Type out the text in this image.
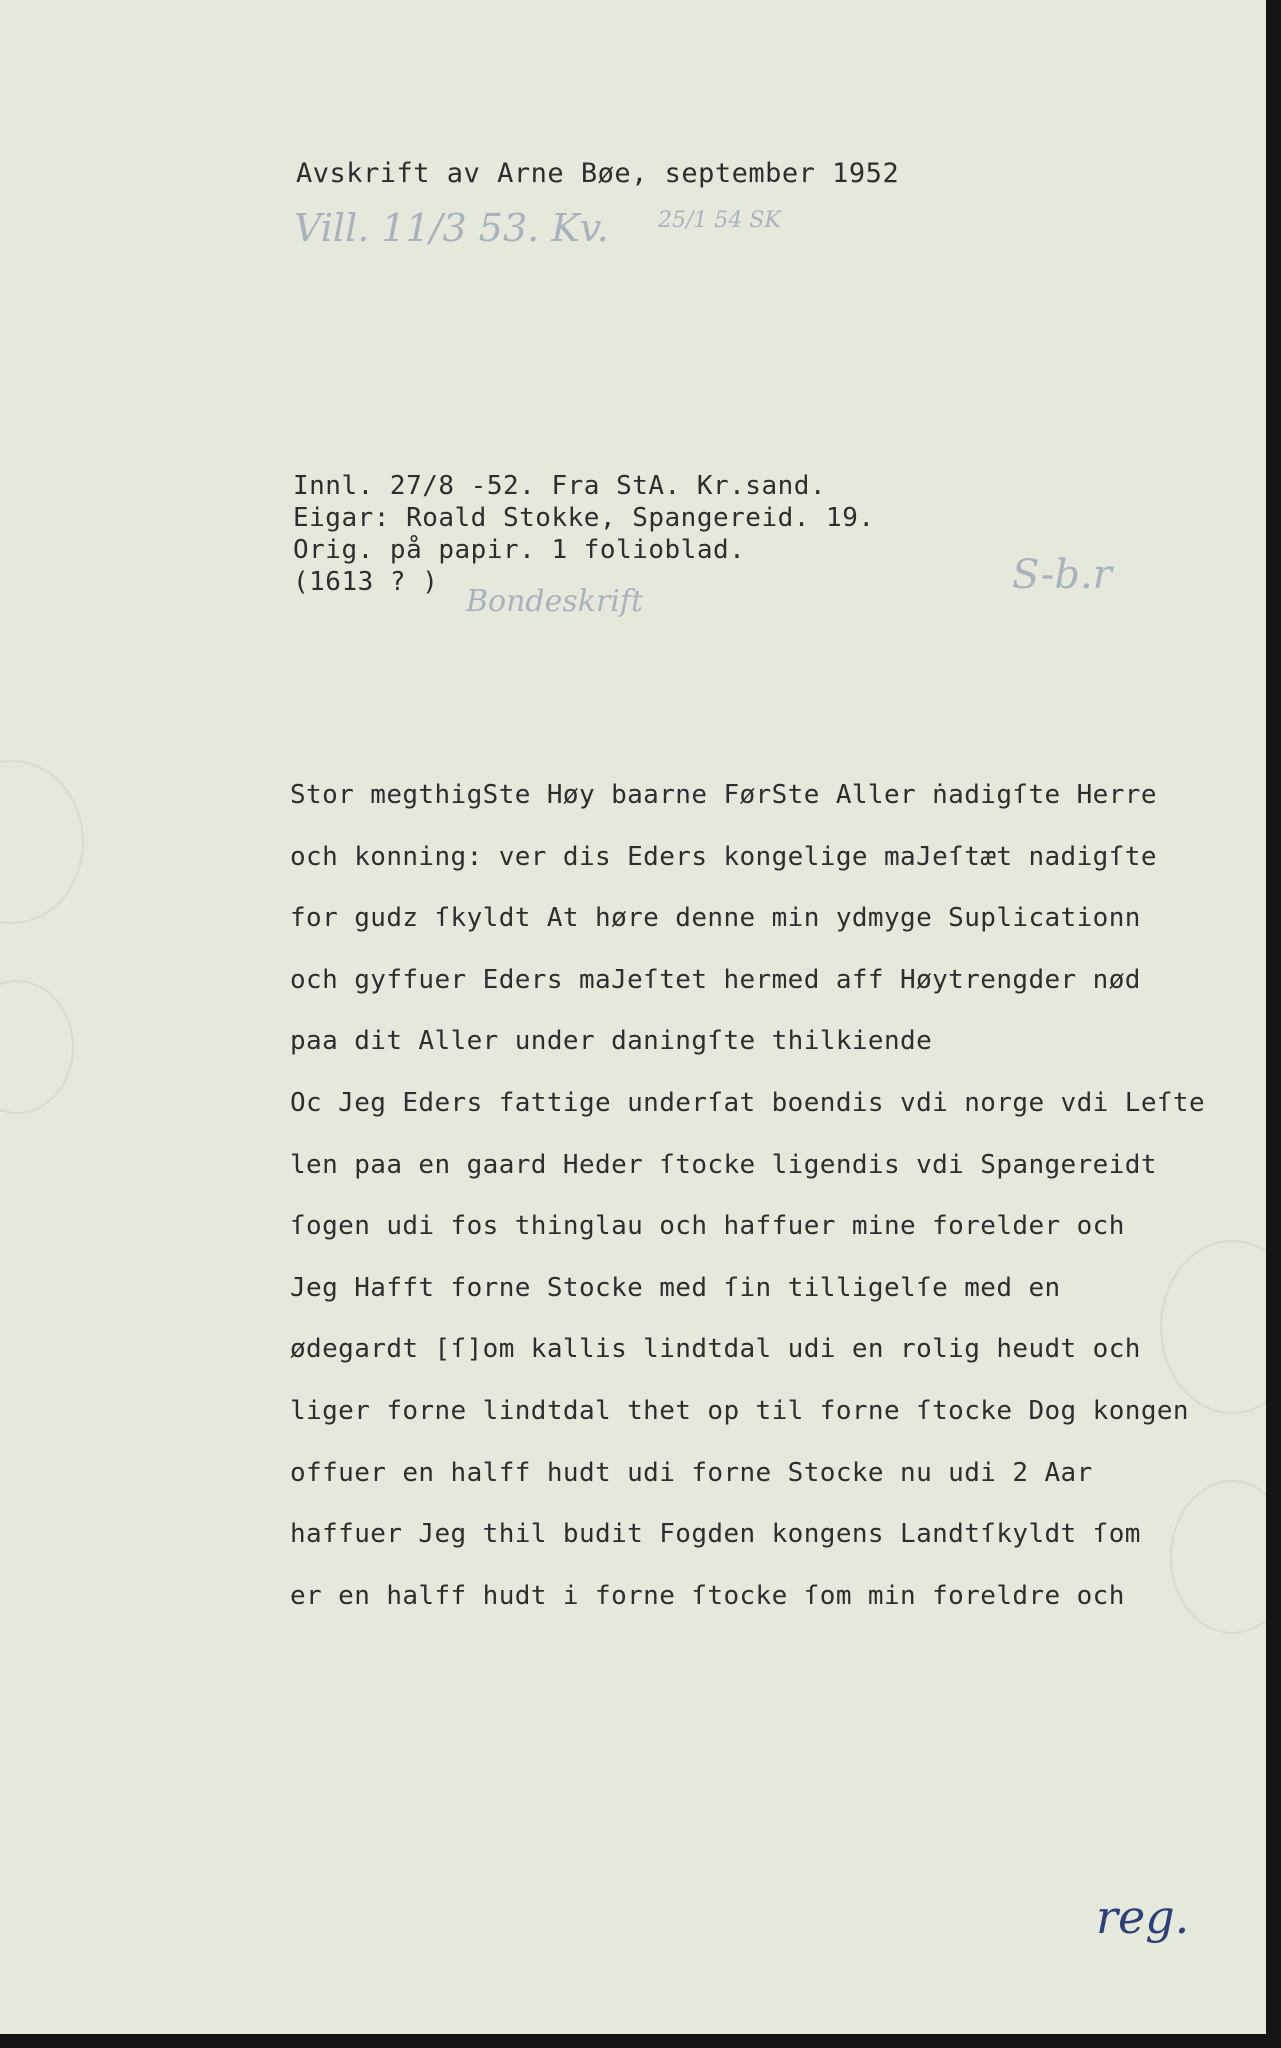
Avskrift av Arne Bøe, september 1952

Vill. 11/3 53. Kv. 25/1 54 SK
Innl. 27/8 -52. Fra StA. Kr.sand.
Eigar: Roald Stokke, Spangereid. 19.
Orig. på papir. 1 folioblad.
(1613 ? )
Bondeskrift
S-b.r
Stor megthigSte Høy baarne FørSte Aller ṅadigſte Herre
och konning: ver dis Eders kongelige maJeſtæt nadigſte
for gudz ſkyldt At høre denne min ydmyge Suplicationn
och gyffuer Eders maJeſtet hermed aff Høytrengder nød
paa dit Aller under daningſte thilkiende
Oc Jeg Eders fattige underſat boendis vdi norge vdi Leſte
len paa en gaard Heder ſtocke ligendis vdi Spangereidt
ſogen udi fos thinglau och haffuer mine forelder och
Jeg Hafft forne Stocke med ſin tilligelſe med en
ødegardt [ſ]om kallis lindtdal udi en rolig heudt och
liger forne lindtdal thet op til forne ſtocke Dog kongen
offuer en halff hudt udi forne Stocke nu udi 2 Aar
haffuer Jeg thil budit Fogden kongens Landtſkyldt ſom
er en halff hudt i forne ſtocke ſom min foreldre och
reg.
